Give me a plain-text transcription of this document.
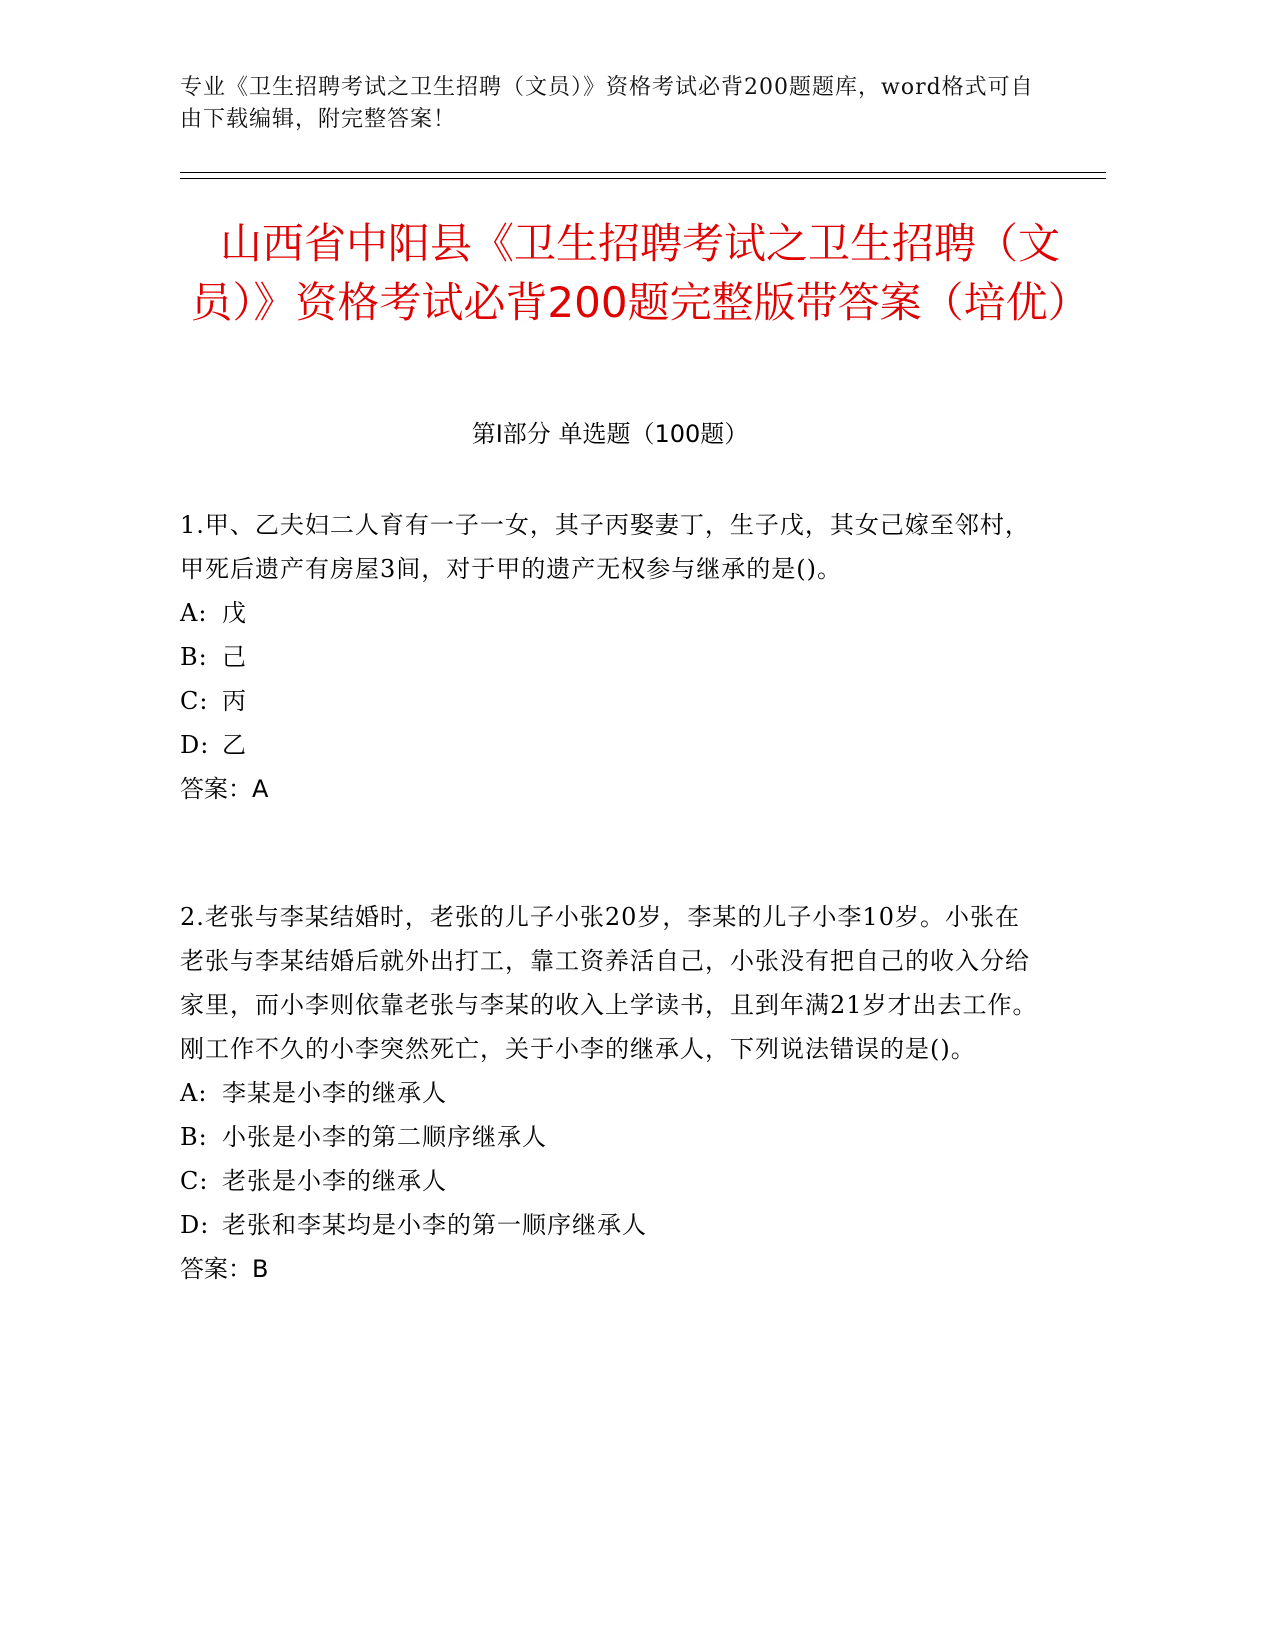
专业《卫生招聘考试之卫生招聘（文员）》资格考试必背200题题库，word格式可自由下载编辑，附完整答案！
山西省中阳县《卫生招聘考试之卫生招聘（文员）》资格考试必背200题完整版带答案（培优）
第I部分 单选题（100题）
1.甲、乙夫妇二人育有一子一女，其子丙娶妻丁，生子戊，其女己嫁至邻村，甲死后遗产有房屋3间，对于甲的遗产无权参与继承的是()。
A: 戊
B: 己
C: 丙
D: 乙
答案：A
2.老张与李某结婚时，老张的儿子小张20岁，李某的儿子小李10岁。小张在老张与李某结婚后就外出打工，靠工资养活自己，小张没有把自己的收入分给家里，而小李则依靠老张与李某的收入上学读书，且到年满21岁才出去工作。刚工作不久的小李突然死亡，关于小李的继承人，下列说法错误的是()。
A: 李某是小李的继承人
B: 小张是小李的第二顺序继承人
C: 老张是小李的继承人
D: 老张和李某均是小李的第一顺序继承人
答案：B
